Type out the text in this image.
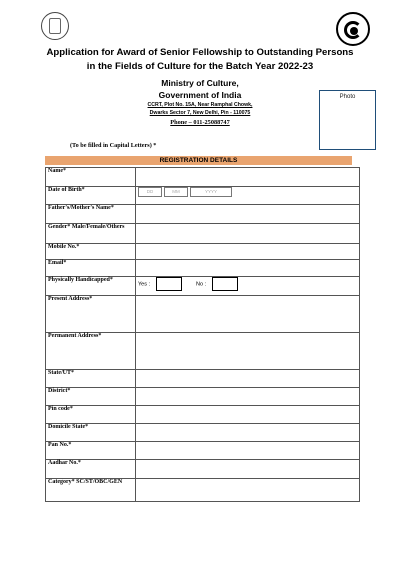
Application for Award of Senior Fellowship to Outstanding Persons
in the Fields of Culture for the Batch Year 2022-23
Ministry of Culture,
Government of India
CCRT, Plot No. 15A, Near Ramphal Chowk,
Dwarks Sector 7, New Delhi, Pin - 110075
Phone – 011-25088747
Photo
(To be filled in Capital Letters) *
REGISTRATION DETAILS
Name*	
Date of Birth*	DD MM YYYY
Father's/Mother's Name*	
Gender* Male/Female/Others	
Mobile No.*	
Email*	
Physically Handicapped*	Yes : No :
Present Address*	
Permanent Address*	
State/UT*	
District*	
Pin code*	
Domicile State*	
Pan No.*	
Aadhar No.*	
Category* SC/ST/OBC/GEN	
